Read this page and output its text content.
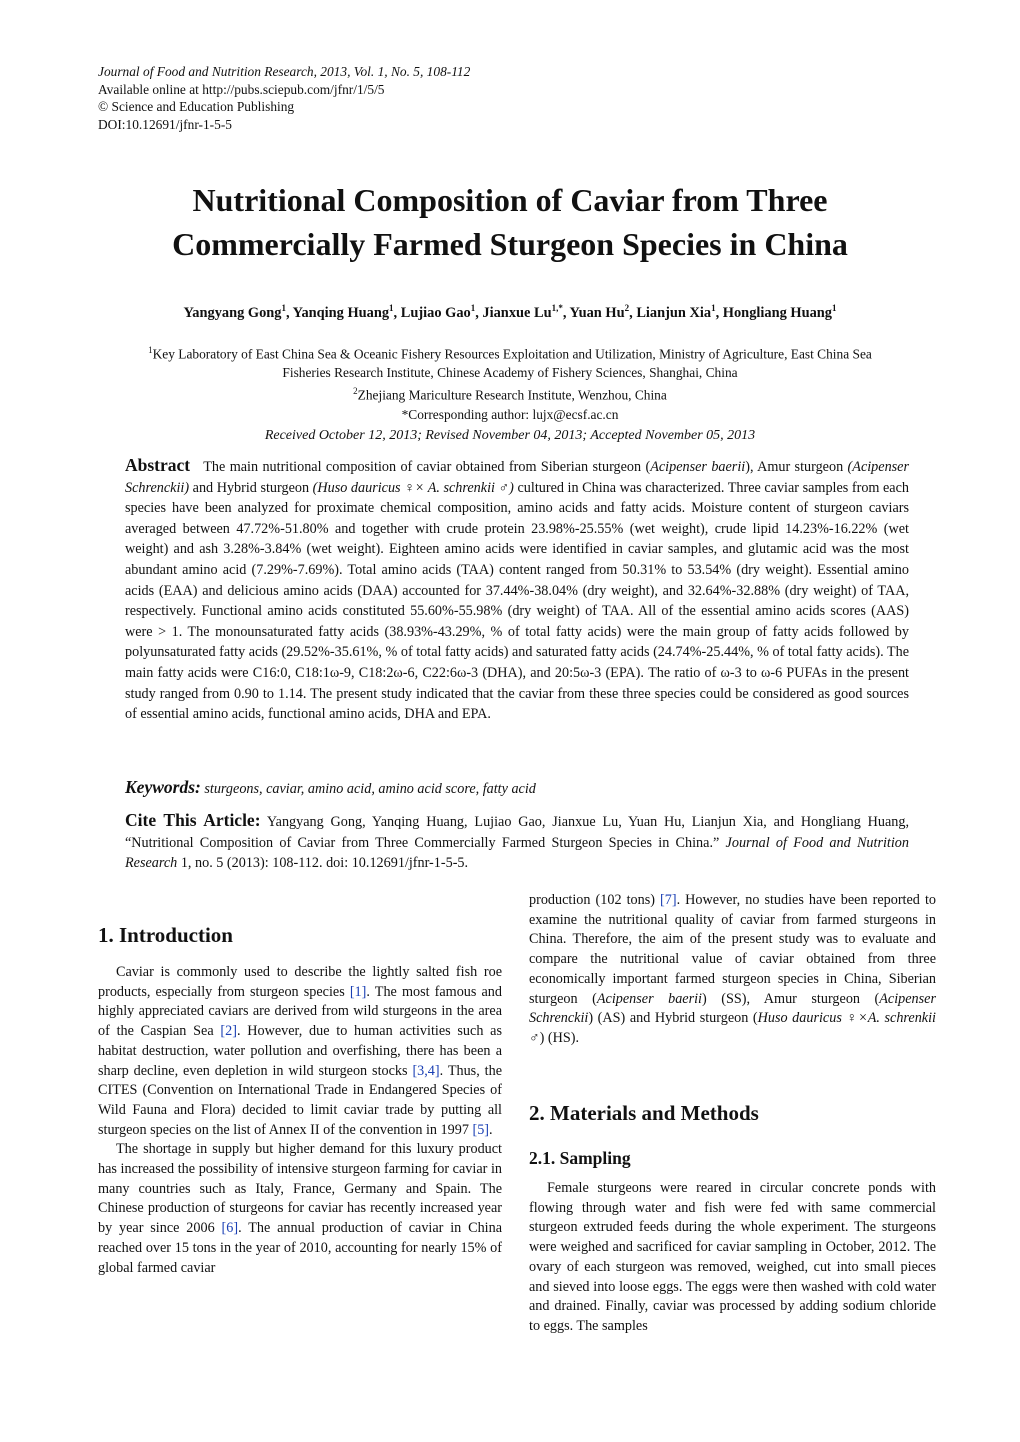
Journal of Food and Nutrition Research, 2013, Vol. 1, No. 5, 108-112
Available online at http://pubs.sciepub.com/jfnr/1/5/5
© Science and Education Publishing
DOI:10.12691/jfnr-1-5-5
Nutritional Composition of Caviar from Three
Commercially Farmed Sturgeon Species in China
Yangyang Gong$^1$, Yanqing Huang$^1$, Lujiao Gao$^1$, Jianxue $Lu^{1,*}$, Yuan Hu$^2$, Lianjun Xia$^1$, Hongliang Huang$^1$
$^1$Key Laboratory of East China Sea & Oceanic Fishery Resources Exploitation and Utilization, Ministry of Agriculture, East China Sea
Fisheries Research Institute, Chinese Academy of Fishery Sciences, Shanghai, China
$^2$Zhejiang Mariculture Research Institute, Wenzhou, China
*Corresponding author: lujx@ecsf.ac.cn
Received October 12, 2013; Revised November 04, 2013; Accepted November 05, 2013
Abstract The main nutritional composition of caviar obtained from Siberian sturgeon (Acipenser baerii), Amur sturgeon (Acipenser Schrenckii) and Hybrid sturgeon (Huso dauricus ♀× A. schrenkii ♂) cultured in China was characterized. Three caviar samples from each species have been analyzed for proximate chemical composition, amino acids and fatty acids. Moisture content of sturgeon caviars averaged between 47.72%-51.80% and together with crude protein 23.98%-25.55% (wet weight), crude lipid 14.23%-16.22% (wet weight) and ash 3.28%-3.84% (wet weight). Eighteen amino acids were identified in caviar samples, and glutamic acid was the most abundant amino acid (7.29%-7.69%). Total amino acids (TAA) content ranged from 50.31% to 53.54% (dry weight). Essential amino acids (EAA) and delicious amino acids (DAA) accounted for 37.44%-38.04% (dry weight), and 32.64%-32.88% (dry weight) of TAA, respectively. Functional amino acids constituted 55.60%-55.98% (dry weight) of TAA. All of the essential amino acids scores (AAS) were > 1. The monounsaturated fatty acids (38.93%-43.29%, % of total fatty acids) were the main group of fatty acids followed by polyunsaturated fatty acids (29.52%-35.61%, % of total fatty acids) and saturated fatty acids (24.74%-25.44%, % of total fatty acids). The main fatty acids were C16:0, C18:1ω-9, C18:2ω-6, C22:6ω-3 (DHA), and 20:5ω-3 (EPA). The ratio of ω-3 to ω-6 PUFAs in the present study ranged from 0.90 to 1.14. The present study indicated that the caviar from these three species could be considered as good sources of essential amino acids, functional amino acids, DHA and EPA.
Keywords: sturgeons, caviar, amino acid, amino acid score, fatty acid
Cite This Article: Yangyang Gong, Yanqing Huang, Lujiao Gao, Jianxue Lu, Yuan Hu, Lianjun Xia, and Hongliang Huang, “Nutritional Composition of Caviar from Three Commercially Farmed Sturgeon Species in China.” Journal of Food and Nutrition Research 1, no. 5 (2013): 108-112. doi: 10.12691/jfnr-1-5-5.
1. Introduction

Caviar is commonly used to describe the lightly salted fish roe products, especially from sturgeon species [1]. The most famous and highly appreciated caviars are derived from wild sturgeons in the area of the Caspian Sea [2]. However, due to human activities such as habitat destruction, water pollution and overfishing, there has been a sharp decline, even depletion in wild sturgeon stocks [3,4]. Thus, the CITES (Convention on International Trade in Endangered Species of Wild Fauna and Flora) decided to limit caviar trade by putting all sturgeon species on the list of Annex II of the convention in 1997 [5].

The shortage in supply but higher demand for this luxury product has increased the possibility of intensive sturgeon farming for caviar in many countries such as Italy, France, Germany and Spain. The Chinese production of sturgeons for caviar has recently increased year by year since 2006 [6]. The annual production of caviar in China reached over 15 tons in the year of 2010, accounting for nearly 15% of global farmed caviar

production (102 tons) [7]. However, no studies have been reported to examine the nutritional quality of caviar from farmed sturgeons in China. Therefore, the aim of the present study was to evaluate and compare the nutritional value of caviar obtained from three economically important farmed sturgeon species in China, Siberian sturgeon (Acipenser baerii) (SS), Amur sturgeon (Acipenser Schrenckii) (AS) and Hybrid sturgeon (Huso dauricus ♀×A. schrenkii ♂) (HS).
2. Materials and Methods
2.1. Sampling

Female sturgeons were reared in circular concrete ponds with flowing through water and fish were fed with same commercial sturgeon extruded feeds during the whole experiment. The sturgeons were weighed and sacrificed for caviar sampling in October, 2012. The ovary of each sturgeon was removed, weighed, cut into small pieces and sieved into loose eggs. The eggs were then washed with cold water and drained. Finally, caviar was processed by adding sodium chloride to eggs. The samples
